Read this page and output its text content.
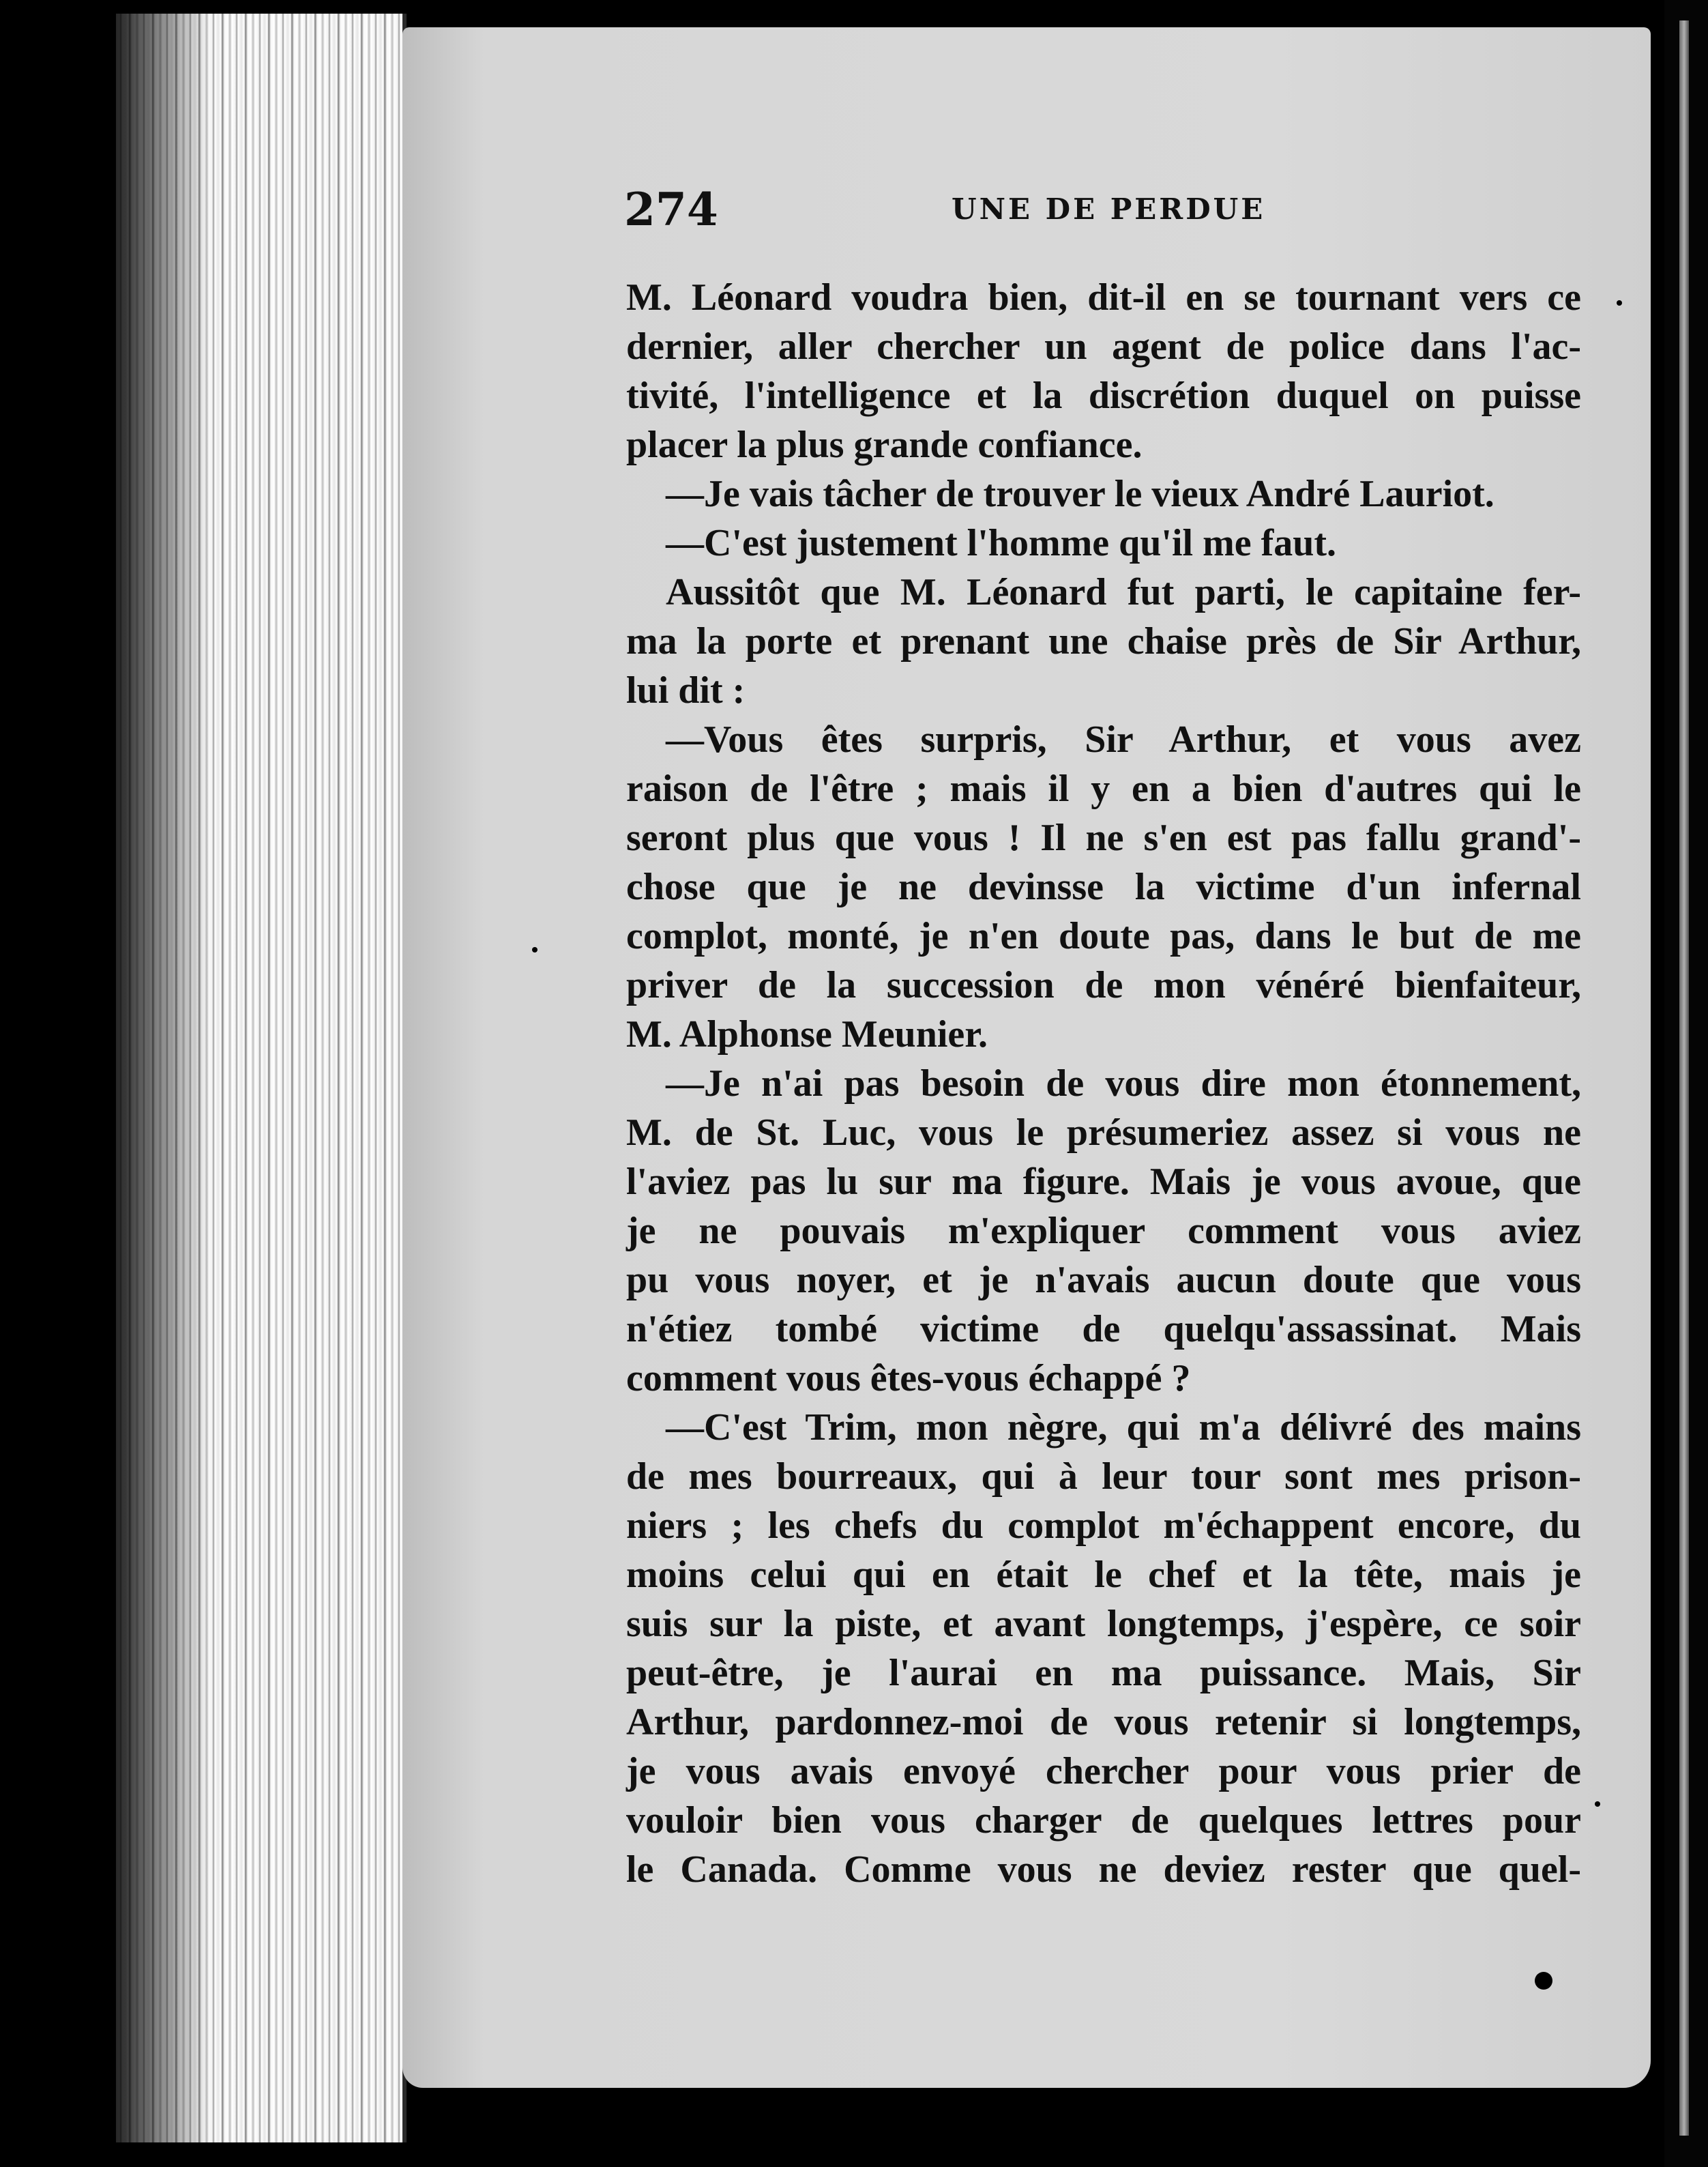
274	UNE DE PERDUE
M. Léonard voudra bien, dit-il en se tournant vers ce
dernier, aller chercher un agent de police dans l'ac-
tivité, l'intelligence et la discrétion duquel on puisse
placer la plus grande confiance.
—Je vais tâcher de trouver le vieux André Lauriot.
—C'est justement l'homme qu'il me faut.
Aussitôt que M. Léonard fut parti, le capitaine fer-
ma la porte et prenant une chaise près de Sir Arthur,
lui dit :
—Vous êtes surpris, Sir Arthur, et vous avez
raison de l'être ; mais il y en a bien d'autres qui le
seront plus que vous ! Il ne s'en est pas fallu grand'-
chose que je ne devinsse la victime d'un infernal
complot, monté, je n'en doute pas, dans le but de me
priver de la succession de mon vénéré bienfaiteur,
M. Alphonse Meunier.
—Je n'ai pas besoin de vous dire mon étonnement,
M. de St. Luc, vous le présumeriez assez si vous ne
l'aviez pas lu sur ma figure. Mais je vous avoue, que
je ne pouvais m'expliquer comment vous aviez
pu vous noyer, et je n'avais aucun doute que vous
n'étiez tombé victime de quelqu'assassinat. Mais
comment vous êtes-vous échappé ?
—C'est Trim, mon nègre, qui m'a délivré des mains
de mes bourreaux, qui à leur tour sont mes prison-
niers ; les chefs du complot m'échappent encore, du
moins celui qui en était le chef et la tête, mais je
suis sur la piste, et avant longtemps, j'espère, ce soir
peut-être, je l'aurai en ma puissance. Mais, Sir
Arthur, pardonnez-moi de vous retenir si longtemps,
je vous avais envoyé chercher pour vous prier de
vouloir bien vous charger de quelques lettres pour
le Canada. Comme vous ne deviez rester que quel-
